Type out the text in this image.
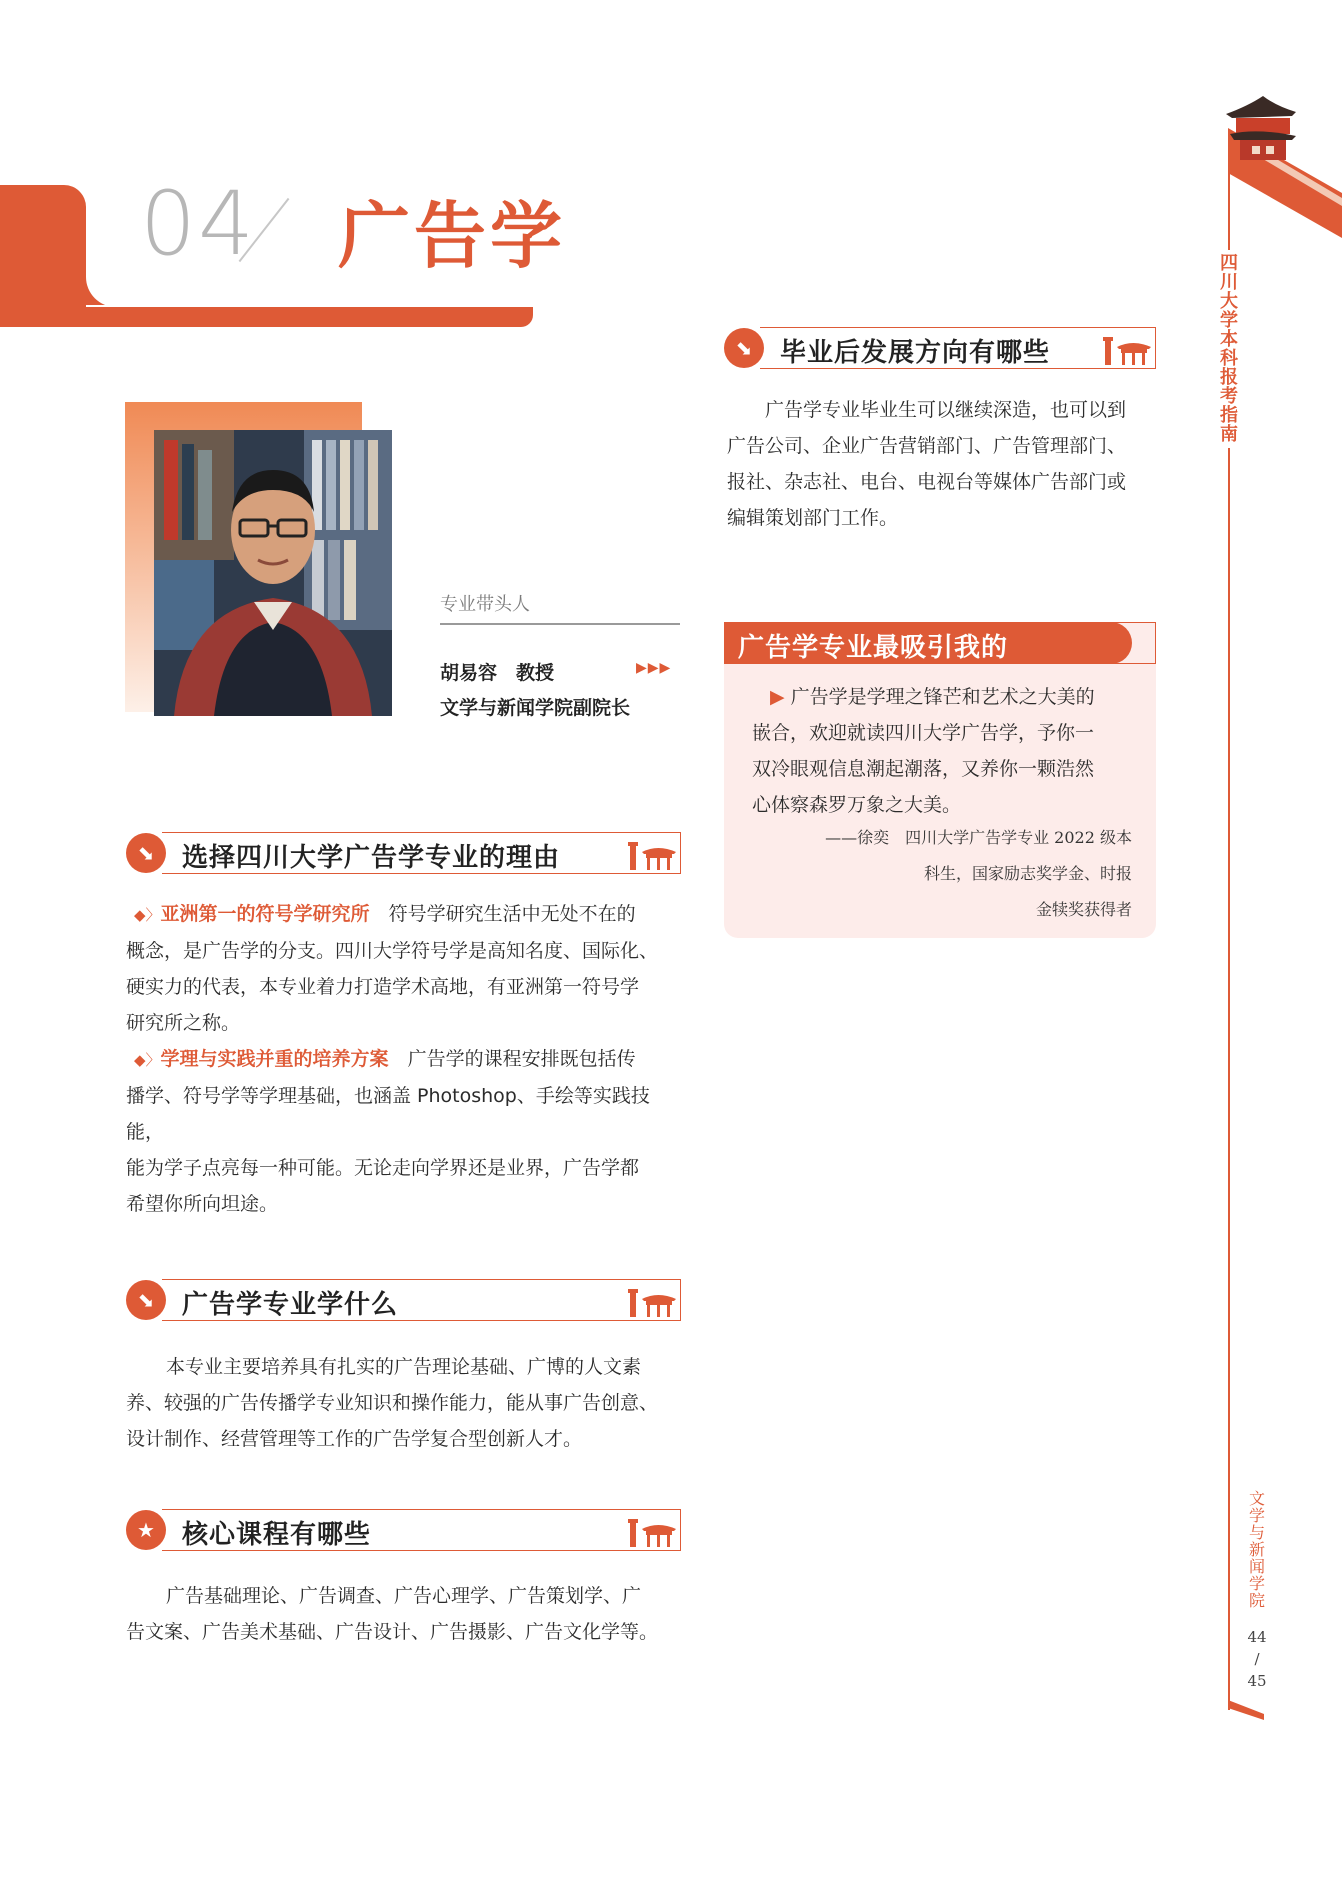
04 广告学	四川大学本科报考指南
文学与新闻学院
44
/
45
专业带头人
胡易容　教授	▶▶▶
文学与新闻学院副院长
⬊	毕业后发展方向有哪些
广告学专业毕业生可以继续深造，也可以到
广告公司、企业广告营销部门、广告管理部门、
报社、杂志社、电台、电视台等媒体广告部门或
编辑策划部门工作。
广告学专业最吸引我的
▶ 广告学是学理之锋芒和艺术之大美的
嵌合，欢迎就读四川大学广告学，予你一
双冷眼观信息潮起潮落，又养你一颗浩然
心体察森罗万象之大美。
——徐奕　四川大学广告学专业 2022 级本
科生，国家励志奖学金、时报
金犊奖获得者
⬊	选择四川大学广告学专业的理由
◆〉亚洲第一的符号学研究所　 符号学研究生活中无处不在的
概念，是广告学的分支。四川大学符号学是高知名度、国际化、
硬实力的代表，本专业着力打造学术高地，有亚洲第一符号学
研究所之称。
◆〉学理与实践并重的培养方案　 广告学的课程安排既包括传
播学、符号学等学理基础，也涵盖 Photoshop、手绘等实践技能，
能为学子点亮每一种可能。无论走向学界还是业界，广告学都
希望你所向坦途。
⬊	广告学专业学什么
本专业主要培养具有扎实的广告理论基础、广博的人文素
养、较强的广告传播学专业知识和操作能力，能从事广告创意、
设计制作、经营管理等工作的广告学复合型创新人才。
★	核心课程有哪些
广告基础理论、广告调查、广告心理学、广告策划学、广
告文案、广告美术基础、广告设计、广告摄影、广告文化学等。
